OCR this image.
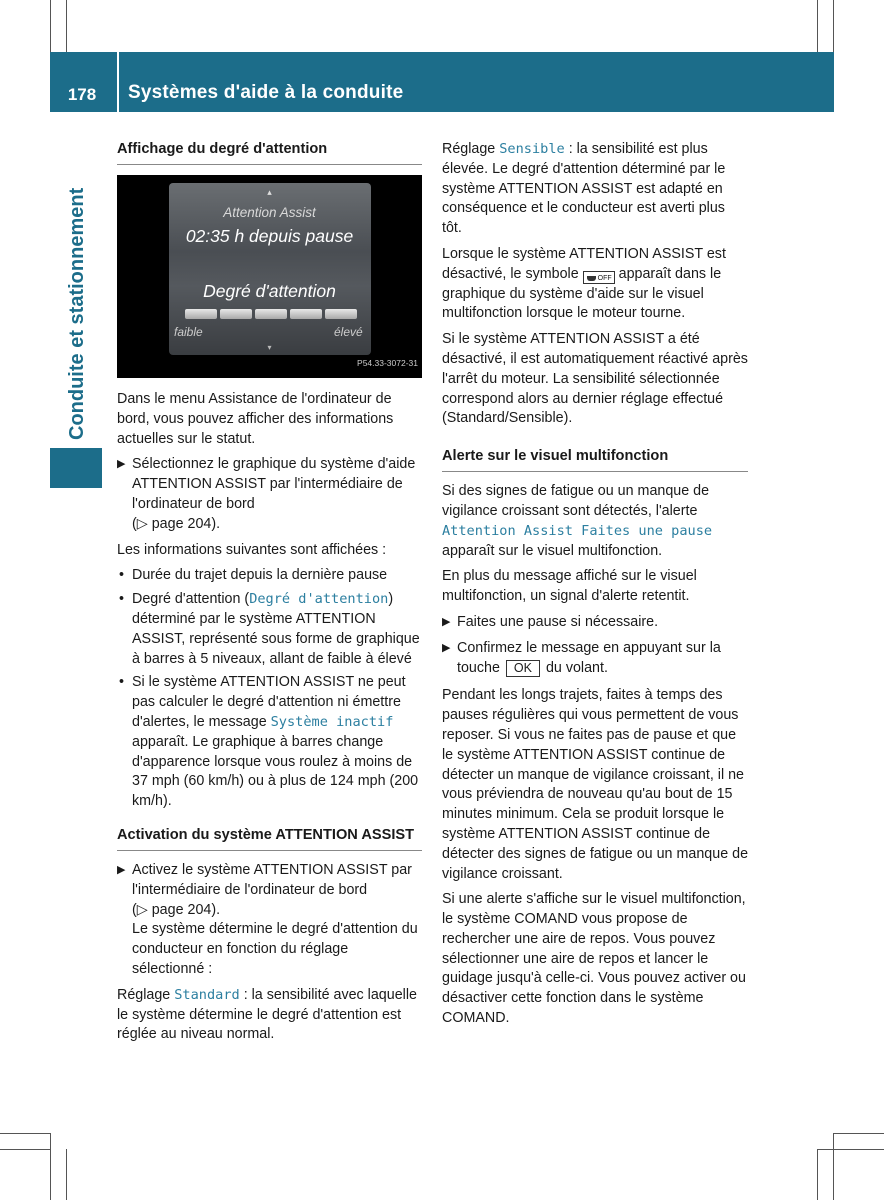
178	Systèmes d'aide à la conduite
Conduite et stationnement
Affichage du degré d'attention
▴
Attention Assist
02:35 h depuis pause
Degré d'attention
faible	élevé
▾
P54.33-3072-31

Dans le menu Assistance de l'ordinateur de bord, vous pouvez afficher des informations actuelles sur le statut.

▶ Sélectionnez le graphique du système d'aide ATTENTION ASSIST par l'intermédiaire de l'ordinateur de bord
(▷ page 204).

Les informations suivantes sont affichées :

• Durée du trajet depuis la dernière pause
• Degré d'attention (Degré d'attention) déterminé par le système ATTENTION ASSIST, représenté sous forme de graphique à barres à 5 niveaux, allant de faible à élevé
• Si le système ATTENTION ASSIST ne peut pas calculer le degré d'attention ni émettre d'alertes, le message Système inactif apparaît. Le graphique à barres change d'apparence lorsque vous roulez à moins de 37 mph (60 km/h) ou à plus de 124 mph (200 km/h).
Activation du système ATTENTION ASSIST
▶ Activez le système ATTENTION ASSIST par l'intermédiaire de l'ordinateur de bord
(▷ page 204).
Le système détermine le degré d'attention du conducteur en fonction du réglage sélectionné :

Réglage Standard : la sensibilité avec laquelle le système détermine le degré d'attention est réglée au niveau normal.

Réglage Sensible : la sensibilité est plus élevée. Le degré d'attention déterminé par le système ATTENTION ASSIST est adapté en conséquence et le conducteur est averti plus tôt.

Lorsque le système ATTENTION ASSIST est désactivé, le symbole
OFF apparaît dans le graphique du système d'aide sur le visuel multifonction lorsque le moteur tourne.

Si le système ATTENTION ASSIST a été désactivé, il est automatiquement réactivé après l'arrêt du moteur. La sensibilité sélectionnée correspond alors au dernier réglage effectué (Standard/Sensible).

Alerte sur le visuel multifonction

Si des signes de fatigue ou un manque de vigilance croissant sont détectés, l'alerte Attention Assist Faites une pause apparaît sur le visuel multifonction.

En plus du message affiché sur le visuel multifonction, un signal d'alerte retentit.

▶ Faites une pause si nécessaire.
▶ Confirmez le message en appuyant sur la touche OK du volant.

Pendant les longs trajets, faites à temps des pauses régulières qui vous permettent de vous reposer. Si vous ne faites pas de pause et que le système ATTENTION ASSIST continue de détecter un manque de vigilance croissant, il ne vous préviendra de nouveau qu'au bout de 15 minutes minimum. Cela se produit lorsque le système ATTENTION ASSIST continue de détecter des signes de fatigue ou un manque de vigilance croissant.

Si une alerte s'affiche sur le visuel multifonction, le système COMAND vous propose de rechercher une aire de repos. Vous pouvez sélectionner une aire de repos et lancer le guidage jusqu'à celle-ci. Vous pouvez activer ou désactiver cette fonction dans le système COMAND.
